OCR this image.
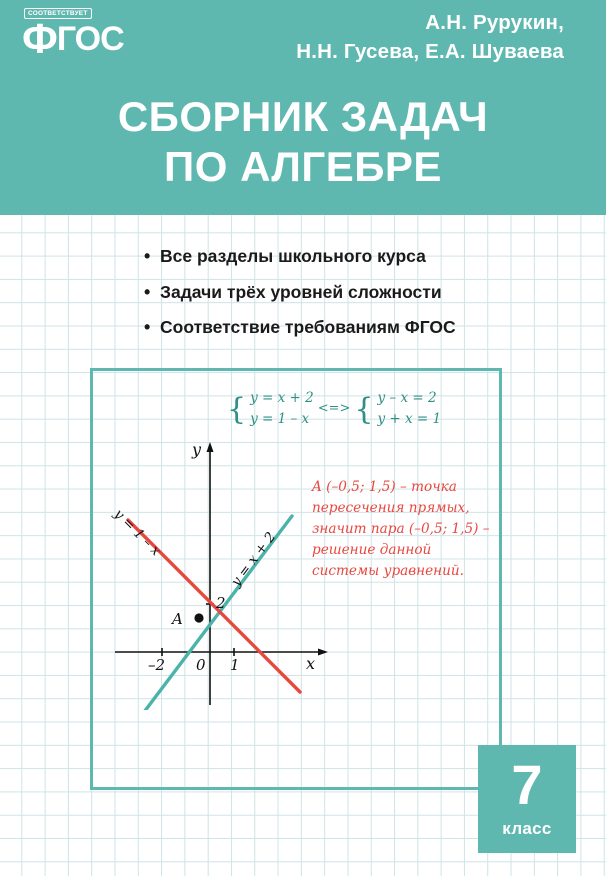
СООТВЕТСТВУЕТ
ФГОС	А.Н. Рурукин,
Н.Н. Гусева, Е.А. Шуваева
СБОРНИК ЗАДАЧ
ПО АЛГЕБРЕ
• Все разделы школьного курса
• Задачи трёх уровней сложности
• Соответствие требованиям ФГОС
{	y = x + 2	<=>	{	y – x = 2
	y = 1 – x			y + x = 1
A (–0,5; 1,5) – точка пересечения прямых, значит пара (–0,5; 1,5) – решение данной системы уравнений.
A
2
–2 0 1	x
y
y = 1 – x	y = x + 2
7
класс
